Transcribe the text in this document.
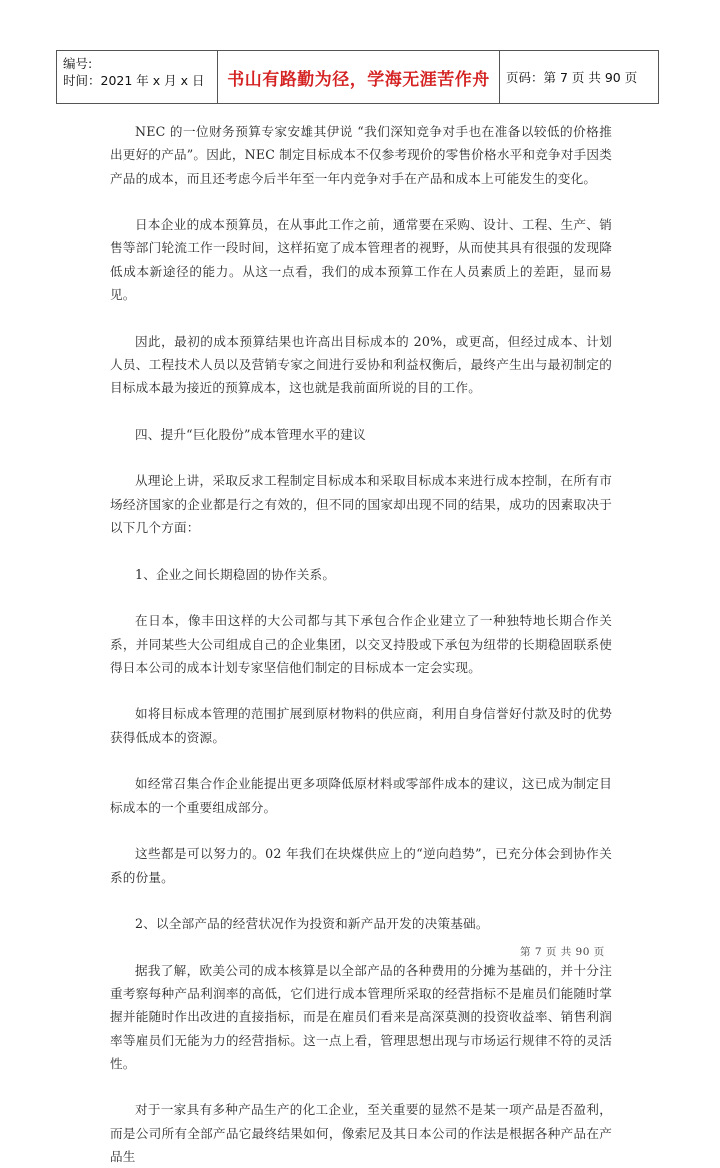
编号:
时间：2021 年 x 月 x 日	书山有路勤为径，学海无涯苦作舟	页码：第 7 页 共 90 页

NEC 的一位财务预算专家安雄其伊说 “我们深知竞争对手也在准备以较低的价格推出更好的产品”。因此，NEC 制定目标成本不仅参考现价的零售价格水平和竞争对手因类产品的成本，而且还考虑今后半年至一年内竞争对手在产品和成本上可能发生的变化。

日本企业的成本预算员，在从事此工作之前，通常要在采购、设计、工程、生产、销售等部门轮流工作一段时间，这样拓宽了成本管理者的视野，从而使其具有很强的发现降低成本新途径的能力。从这一点看，我们的成本预算工作在人员素质上的差距，显而易见。

因此，最初的成本预算结果也许高出目标成本的 20%，或更高，但经过成本、计划人员、工程技术人员以及营销专家之间进行妥协和利益权衡后，最终产生出与最初制定的目标成本最为接近的预算成本，这也就是我前面所说的目的工作。

四、提升“巨化股份”成本管理水平的建议

从理论上讲，采取反求工程制定目标成本和采取目标成本来进行成本控制，在所有市场经济国家的企业都是行之有效的，但不同的国家却出现不同的结果，成功的因素取决于以下几个方面：

1、企业之间长期稳固的协作关系。

在日本，像丰田这样的大公司都与其下承包合作企业建立了一种独特地长期合作关系，并同某些大公司组成自己的企业集团，以交叉持股或下承包为纽带的长期稳固联系使得日本公司的成本计划专家坚信他们制定的目标成本一定会实现。

如将目标成本管理的范围扩展到原材物料的供应商，利用自身信誉好付款及时的优势获得低成本的资源。

如经常召集合作企业能提出更多项降低原材料或零部件成本的建议，这已成为制定目标成本的一个重要组成部分。

这些都是可以努力的。02 年我们在块煤供应上的“逆向趋势”，已充分体会到协作关系的份量。

2、以全部产品的经营状况作为投资和新产品开发的决策基础。

据我了解，欧美公司的成本核算是以全部产品的各种费用的分摊为基础的，并十分注重考察每种产品利润率的高低，它们进行成本管理所采取的经营指标不是雇员们能随时掌握并能随时作出改进的直接指标，而是在雇员们看来是高深莫测的投资收益率、销售利润率等雇员们无能为力的经营指标。这一点上看，管理思想出现与市场运行规律不符的灵活性。

对于一家具有多种产品生产的化工企业，至关重要的显然不是某一项产品是否盈利，而是公司所有全部产品它最终结果如何，像索尼及其日本公司的作法是根据各种产品在产品生

第 7 页 共 90 页
